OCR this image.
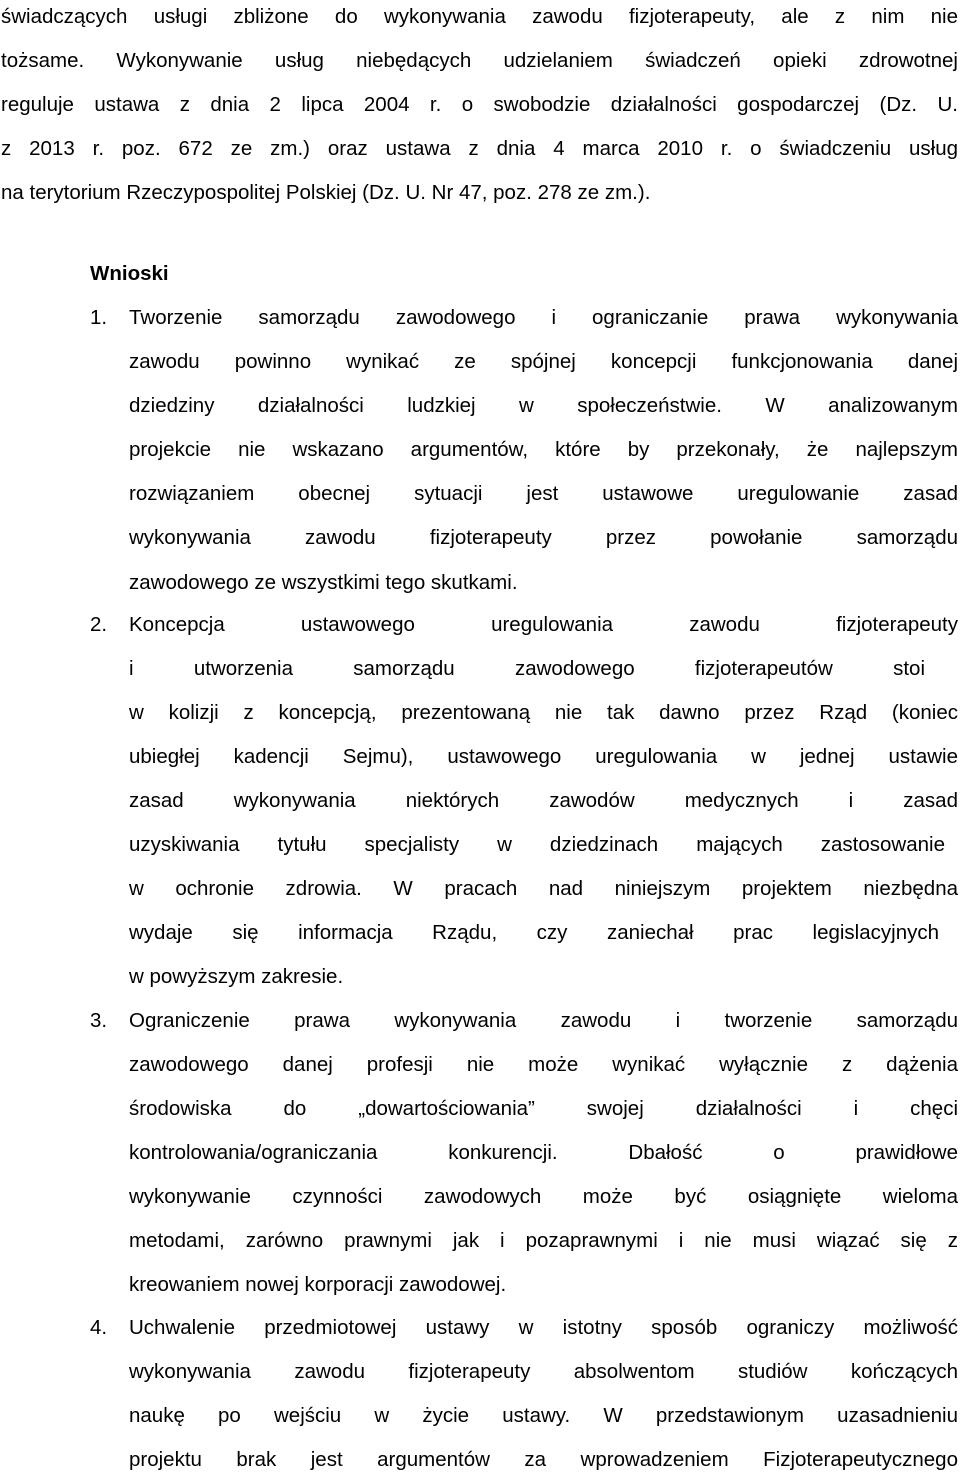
świadczących usługi zbliżone do wykonywania zawodu fizjoterapeuty, ale z nim nie
tożsame. Wykonywanie usług niebędących udzielaniem świadczeń opieki zdrowotnej
reguluje ustawa z dnia 2 lipca 2004 r. o swobodzie działalności gospodarczej (Dz. U.
z 2013 r. poz. 672 ze zm.) oraz ustawa z dnia 4 marca 2010 r. o świadczeniu usług
na terytorium Rzeczypospolitej Polskiej (Dz. U. Nr 47, poz. 278 ze zm.).
Wnioski
1.	Tworzenie samorządu zawodowego i ograniczanie prawa wykonywania
zawodu powinno wynikać ze spójnej koncepcji funkcjonowania danej
dziedziny działalności ludzkiej w społeczeństwie. W analizowanym
projekcie nie wskazano argumentów, które by przekonały, że najlepszym
rozwiązaniem obecnej sytuacji jest ustawowe uregulowanie zasad
wykonywania zawodu fizjoterapeuty przez powołanie samorządu
zawodowego ze wszystkimi tego skutkami.
2.	Koncepcja ustawowego uregulowania zawodu fizjoterapeuty
i utworzenia samorządu zawodowego fizjoterapeutów stoi
w kolizji z koncepcją, prezentowaną nie tak dawno przez Rząd (koniec
ubiegłej kadencji Sejmu), ustawowego uregulowania w jednej ustawie
zasad wykonywania niektórych zawodów medycznych i zasad
uzyskiwania tytułu specjalisty w dziedzinach mających zastosowanie
w ochronie zdrowia. W pracach nad niniejszym projektem niezbędna
wydaje się informacja Rządu, czy zaniechał prac legislacyjnych
w powyższym zakresie.
3.	Ograniczenie prawa wykonywania zawodu i tworzenie samorządu
zawodowego danej profesji nie może wynikać wyłącznie z dążenia
środowiska do „dowartościowania” swojej działalności i chęci
kontrolowania/ograniczania konkurencji. Dbałość o prawidłowe
wykonywanie czynności zawodowych może być osiągnięte wieloma
metodami, zarówno prawnymi jak i pozaprawnymi i nie musi wiązać się z
kreowaniem nowej korporacji zawodowej.
4.	Uchwalenie przedmiotowej ustawy w istotny sposób ograniczy możliwość
wykonywania zawodu fizjoterapeuty absolwentom studiów kończących
naukę po wejściu w życie ustawy. W przedstawionym uzasadnieniu
projektu brak jest argumentów za wprowadzeniem Fizjoterapeutycznego
